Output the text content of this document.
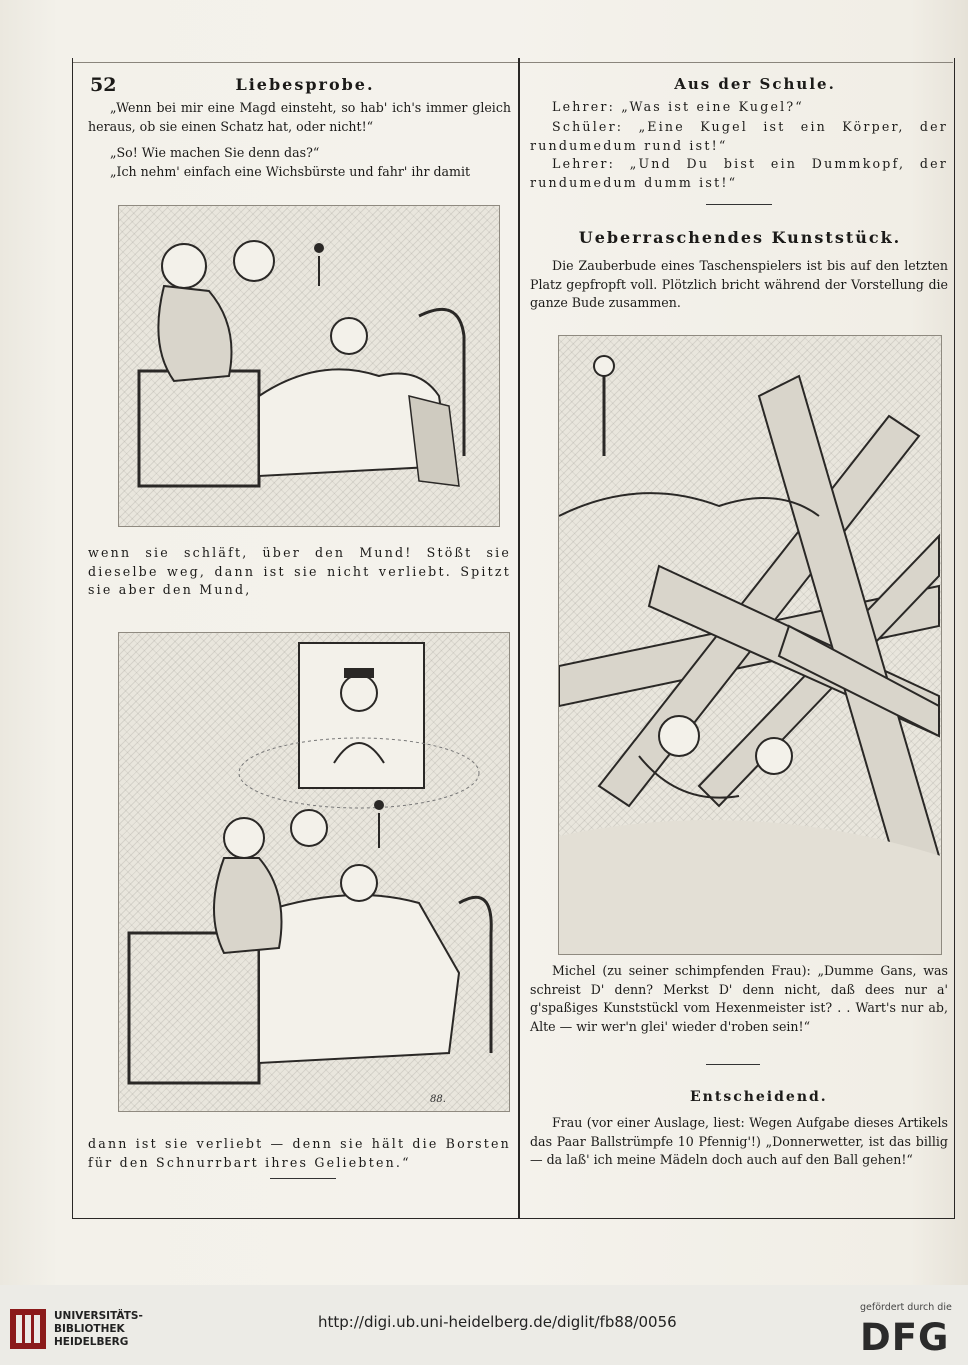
52	Liebesprobe.
„Wenn bei mir eine Magd einsteht, so hab' ich's immer gleich heraus, ob sie einen Schatz hat, oder nicht!“
„So! Wie machen Sie denn das?“
„Ich nehm' einfach eine Wichsbürste und fahr' ihr damit
wenn sie schläft, über den Mund! Stößt sie dieselbe weg, dann ist sie nicht verliebt. Spitzt sie aber den Mund,
88.
dann ist sie verliebt — denn sie hält die Borsten für den Schnurrbart ihres Geliebten.“
Aus der Schule.
Lehrer: „Was ist eine Kugel?“
Schüler: „Eine Kugel ist ein Körper, der rundumedum rund ist!“
Lehrer: „Und Du bist ein Dummkopf, der rundumedum dumm ist!“
Ueberraschendes Kunststück.
Die Zauberbude eines Taschenspielers ist bis auf den letzten Platz gepfropft voll. Plötzlich bricht während der Vorstellung die ganze Bude zusammen.
Michel (zu seiner schimpfenden Frau): „Dumme Gans, was schreist D' denn? Merkst D' denn nicht, daß dees nur a' g'spaßiges Kunststückl vom Hexenmeister ist? . . Wart's nur ab, Alte — wir wer'n glei' wieder d'roben sein!“
Entscheidend.
Frau (vor einer Auslage, liest: Wegen Aufgabe dieses Artikels das Paar Ballstrümpfe 10 Pfennig'!) „Donnerwetter, ist das billig — da laß' ich meine Mädeln doch auch auf den Ball gehen!“
UNIVERSITÄTS-
BIBLIOTHEK
HEIDELBERG
http://digi.ub.uni-heidelberg.de/diglit/fb88/0056
gefördert durch die
DFG
